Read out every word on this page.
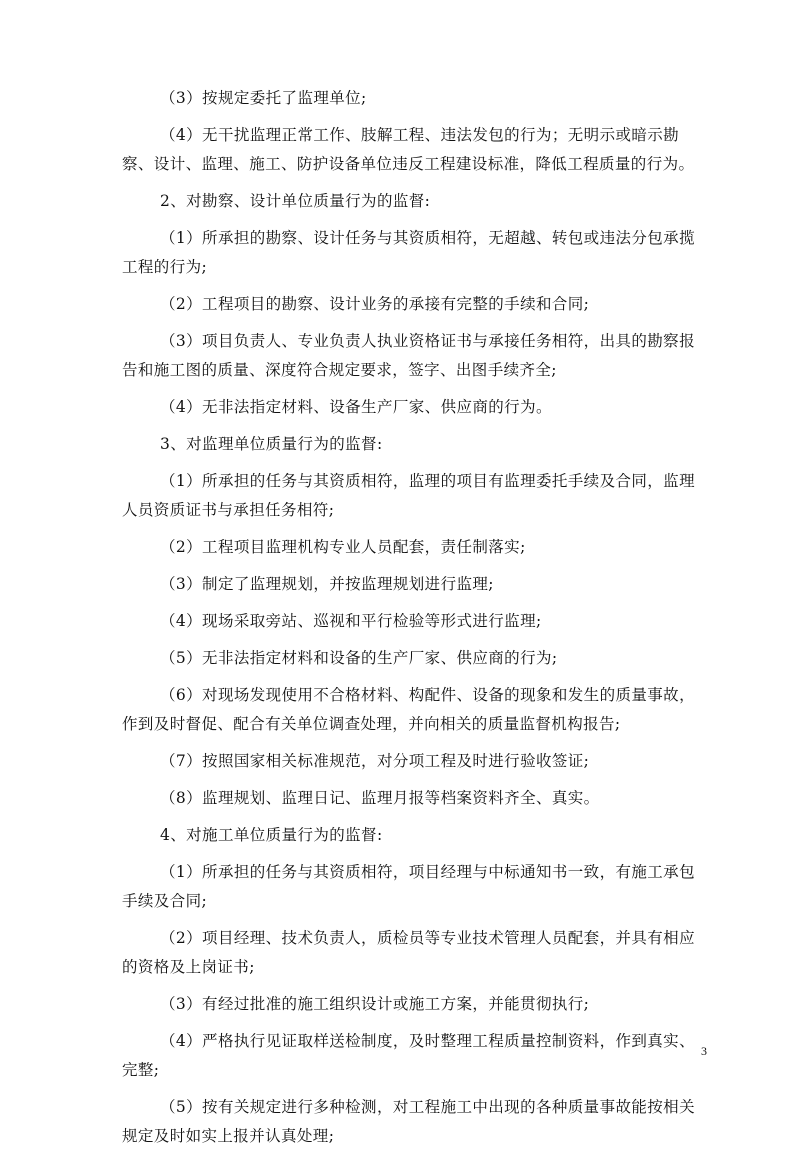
（3）按规定委托了监理单位;

（4）无干扰监理正常工作、肢解工程、违法发包的行为；无明示或暗示勘察、设计、监理、施工、防护设备单位违反工程建设标准，降低工程质量的行为。

2、对勘察、设计单位质量行为的监督:

（1）所承担的勘察、设计任务与其资质相符，无超越、转包或违法分包承揽工程的行为;

（2）工程项目的勘察、设计业务的承接有完整的手续和合同;

（3）项目负责人、专业负责人执业资格证书与承接任务相符，出具的勘察报告和施工图的质量、深度符合规定要求，签字、出图手续齐全;

（4）无非法指定材料、设备生产厂家、供应商的行为。

3、对监理单位质量行为的监督:

（1）所承担的任务与其资质相符，监理的项目有监理委托手续及合同，监理人员资质证书与承担任务相符;

（2）工程项目监理机构专业人员配套，责任制落实;

（3）制定了监理规划，并按监理规划进行监理;

（4）现场采取旁站、巡视和平行检验等形式进行监理;

（5）无非法指定材料和设备的生产厂家、供应商的行为;

（6）对现场发现使用不合格材料、构配件、设备的现象和发生的质量事故，作到及时督促、配合有关单位调查处理，并向相关的质量监督机构报告;

（7）按照国家相关标准规范，对分项工程及时进行验收签证;

（8）监理规划、监理日记、监理月报等档案资料齐全、真实。

4、对施工单位质量行为的监督:

（1）所承担的任务与其资质相符，项目经理与中标通知书一致，有施工承包手续及合同;

（2）项目经理、技术负责人，质检员等专业技术管理人员配套，并具有相应的资格及上岗证书;

（3）有经过批准的施工组织设计或施工方案，并能贯彻执行;

（4）严格执行见证取样送检制度，及时整理工程质量控制资料，作到真实、完整;

（5）按有关规定进行多种检测，对工程施工中出现的各种质量事故能按相关规定及时如实上报并认真处理;

3
